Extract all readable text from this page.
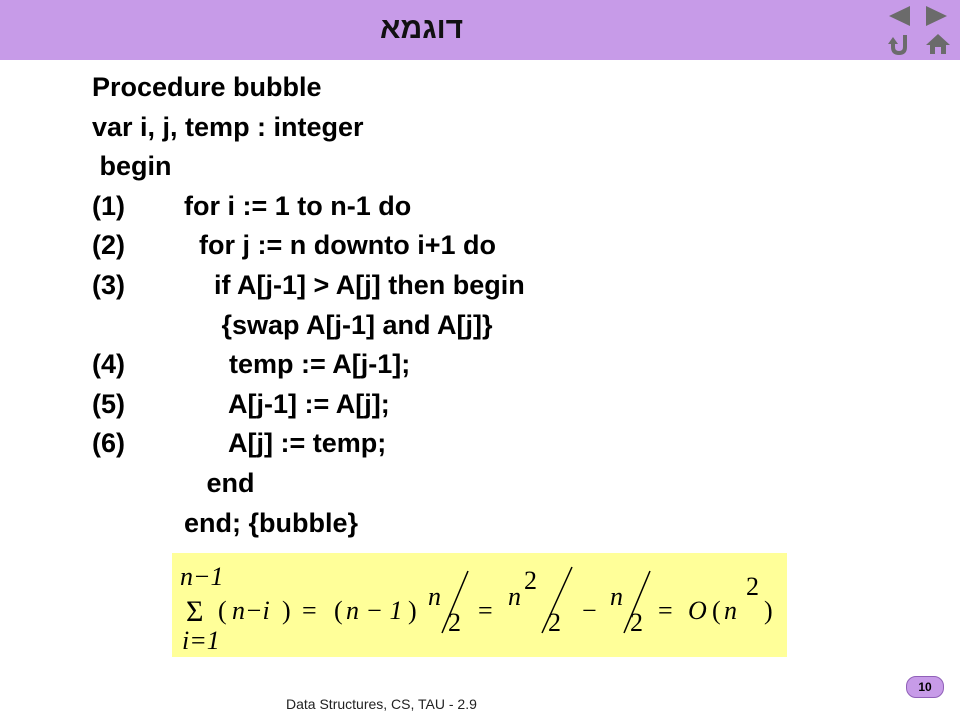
דוגמא
Procedure bubble
var i, j, temp : integer
begin
(1) for i := 1 to n-1 do
(2)  for j := n downto i+1 do
(3)    if A[j-1] > A[j] then begin
{swap A[j-1] and A[j]}
(4)      temp := A[j-1];
(5)      A[j-1] := A[j];
(6)      A[j] := temp;
end
end; {bubble}
n−1
Σ
i=1
( n−i ) = ( n − 1 ) n
2 = n
2
2 − n
2 = O ( n
2
)
Data Structures, CS, TAU - 2.9
10
